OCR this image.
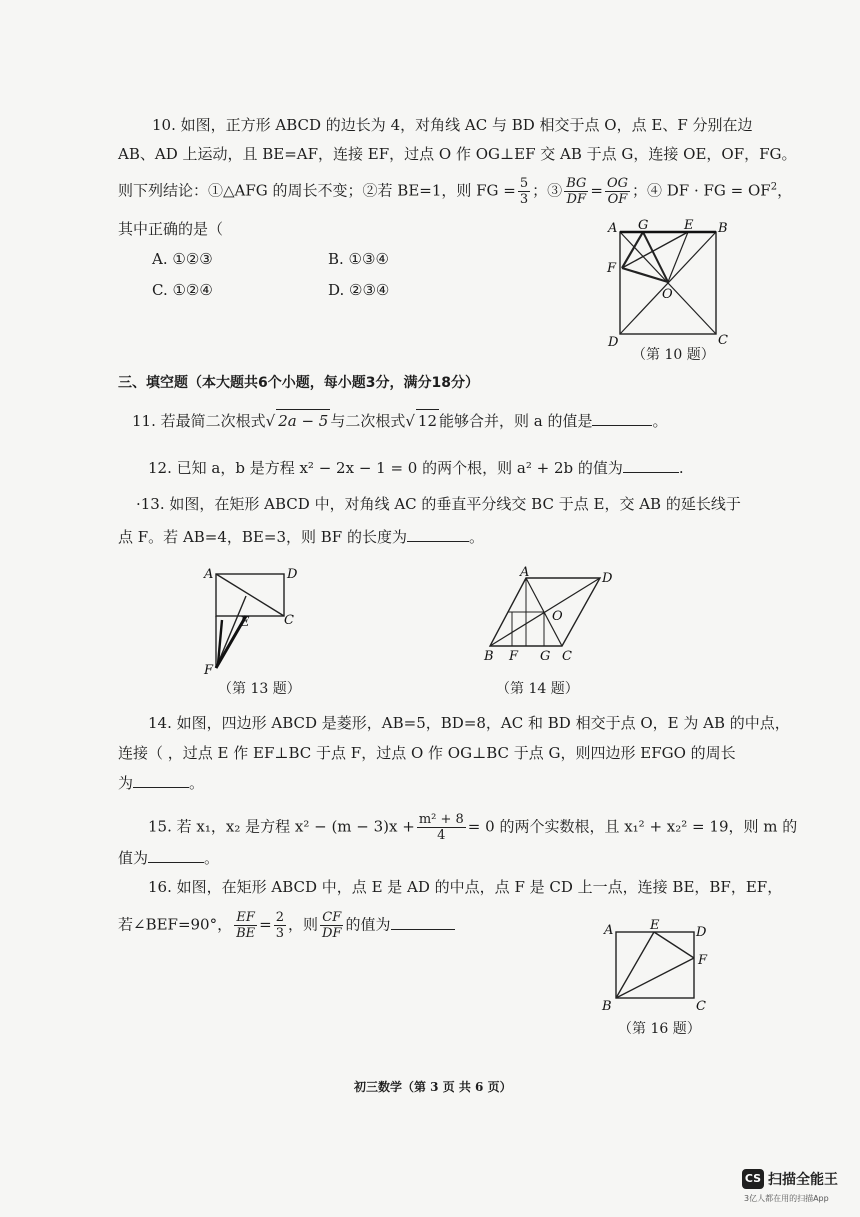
10. 如图，正方形 ABCD 的边长为 4，对角线 AC 与 BD 相交于点 O，点 E、F 分别在边
AB、AD 上运动，且 BE=AF，连接 EF，过点 O 作 OG⊥EF 交 AB 于点 G，连接 OE，OF，FG。
则下列结论：①△AFG 的周长不变；②若 BE=1，则 FG = $\frac{5}{3}$ ；③ $\frac{BG}{DF} = \frac{OG}{OF}$ ；④ DF · FG = $OF^2$，
其中正确的是（
A. ①②③	B. ①③④
C. ①②④	D. ②③④
A G	E B
F
O
D	C
（第 10 题）
三、填空题（本大题共6个小题，每小题3分，满分18分）
11. 若最简二次根式√ 2a − 5 与二次根式√ 12 能够合并，则 a 的值是	。
12. 已知 a，b 是方程 x² − 2x − 1 = 0 的两个根，则 a² + 2b 的值为	.
·13. 如图，在矩形 ABCD 中，对角线 AC 的垂直平分线交 BC 于点 E，交 AB 的延长线于
点 F。若 AB=4，BE=3，则 BF 的长度为	。
A	D
E	C
F
（第 13 题）
A	D
O
B F G C
（第 14 题）
14. 如图，四边形 ABCD 是菱形，AB=5，BD=8，AC 和 BD 相交于点 O，E 为 AB 的中点，
连接（ ，过点 E 作 EF⊥BC 于点 F，过点 O 作 OG⊥BC 于点 G，则四边形 EFGO 的周长
为	。
15. 若 x₁，x₂ 是方程 $x^2 - (m - 3)x + \frac{\text{m² + 8}}{4} = 0$ 的两个实数根，且 x₁² + x₂² = 19，则 m 的
值为	。
16. 如图，在矩形 ABCD 中，点 E 是 AD 的中点，点 F 是 CD 上一点，连接 BE，BF，EF，
若∠BEF=90°， $\frac{EF}{BE} = \frac{2}{3}$ ，则 $\frac{CF}{DF}$ 的值为	A	E	D
F
B	C
（第 16 题）
初三数学（第 3 页 共 6 页）
CS 扫描全能王
3亿人都在用的扫描App
